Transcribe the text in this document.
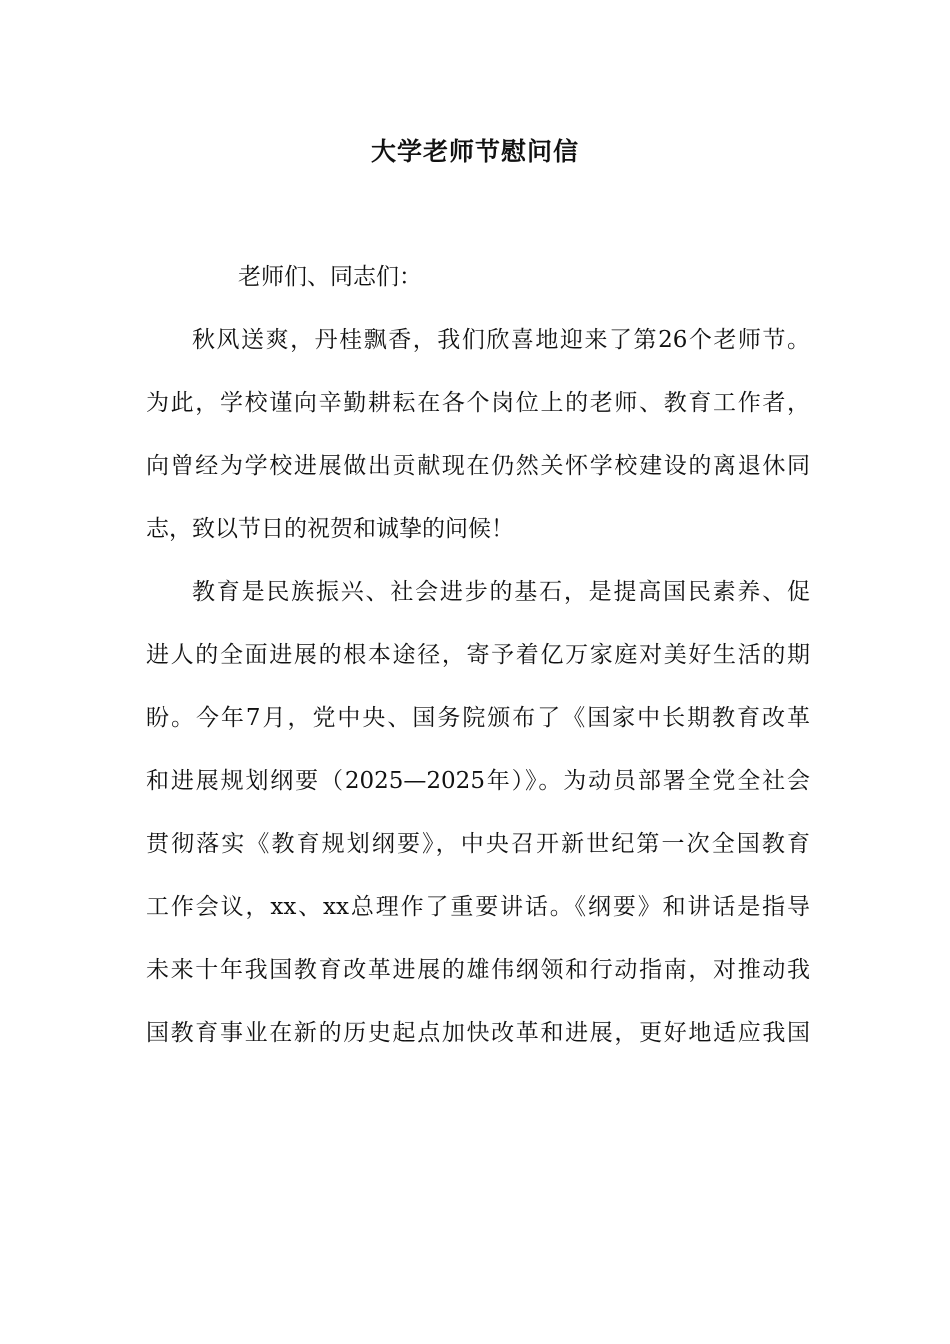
大学老师节慰问信
老师们、同志们：
秋风送爽，丹桂飘香，我们欣喜地迎来了第26个老师节。
为此，学校谨向辛勤耕耘在各个岗位上的老师、教育工作者，
向曾经为学校进展做出贡献现在仍然关怀学校建设的离退休同
志，致以节日的祝贺和诚挚的问候！
教育是民族振兴、社会进步的基石，是提高国民素养、促
进人的全面进展的根本途径，寄予着亿万家庭对美好生活的期
盼。今年7月，党中央、国务院颁布了《国家中长期教育改革
和进展规划纲要（2025—2025年）》。为动员部署全党全社会
贯彻落实《教育规划纲要》，中央召开新世纪第一次全国教育
工作会议，xx、xx总理作了重要讲话。《纲要》和讲话是指导
未来十年我国教育改革进展的雄伟纲领和行动指南，对推动我
国教育事业在新的历史起点加快改革和进展，更好地适应我国
